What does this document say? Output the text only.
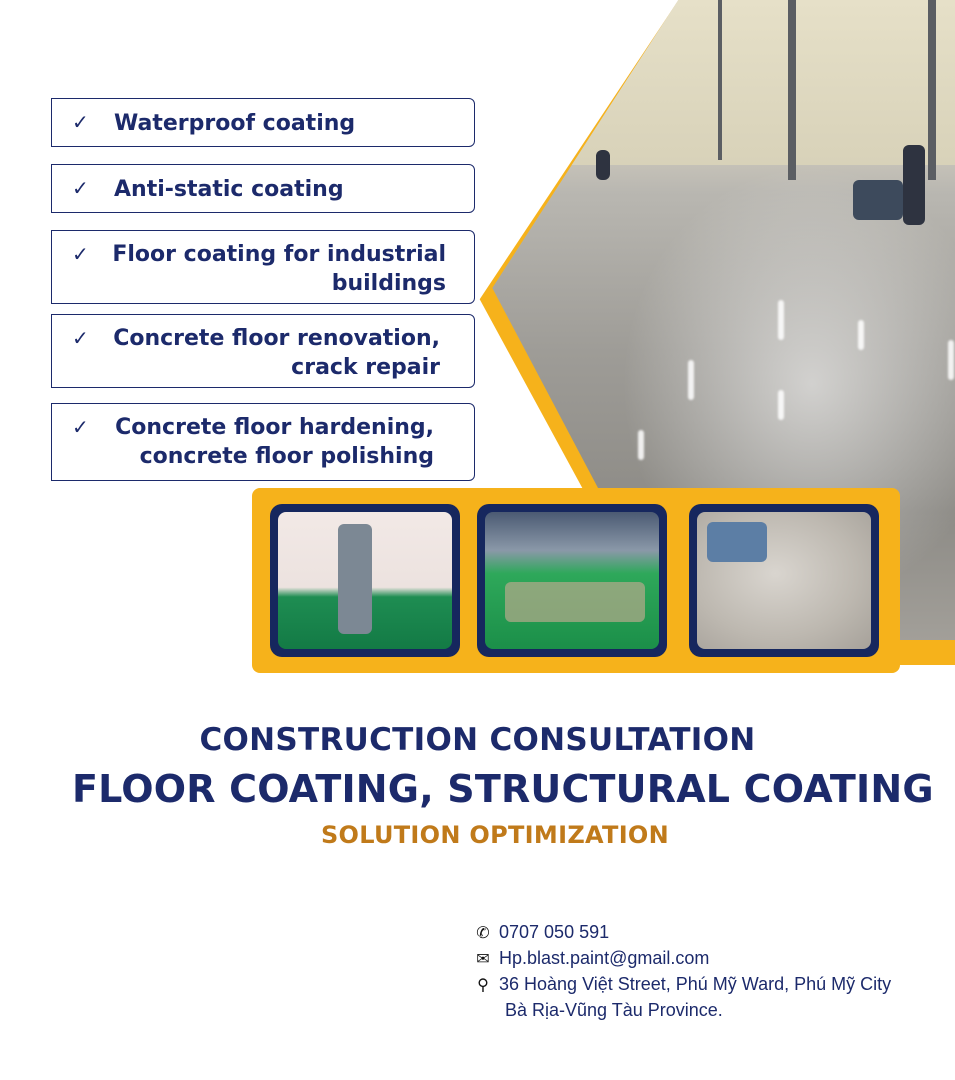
✓ Waterproof coating
✓ Anti-static coating
✓ Floor coating for industrial
buildings
✓ Concrete floor renovation,
crack repair
✓ Concrete floor hardening,
concrete floor polishing
CONSTRUCTION CONSULTATION
FLOOR COATING, STRUCTURAL COATING
SOLUTION OPTIMIZATION
✆ 0707 050 591
✉ Hp.blast.paint@gmail.com
⚲ 36 Hoàng Việt Street, Phú Mỹ Ward, Phú Mỹ City
Bà Rịa-Vũng Tàu Province.
